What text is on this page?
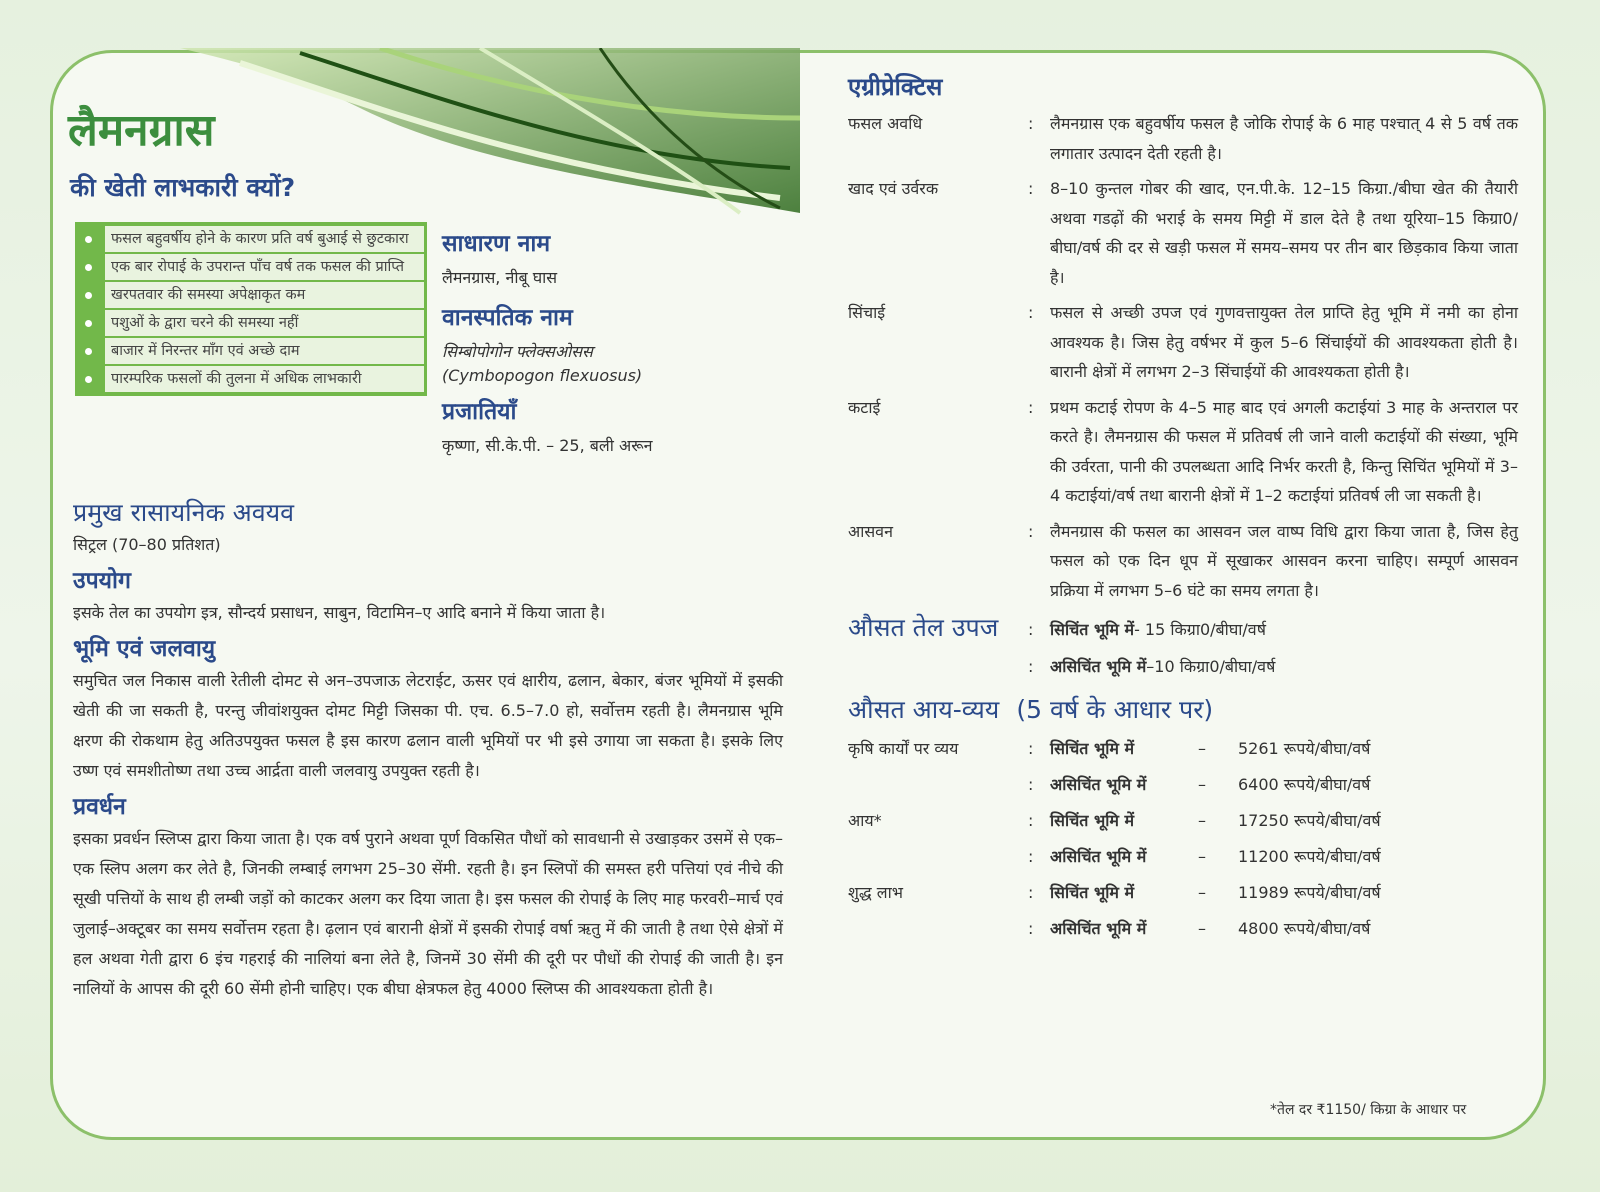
लैमनग्रास
की खेती लाभकारी क्यों?
फसल बहुवर्षीय होने के कारण प्रति वर्ष बुआई से छुटकारा
एक बार रोपाई के उपरान्त पाँच वर्ष तक फसल की प्राप्ति
खरपतवार की समस्या अपेक्षाकृत कम
पशुओं के द्वारा चरने की समस्या नहीं
बाजार में निरन्तर माँग एवं अच्छे दाम
पारम्परिक फसलों की तुलना में अधिक लाभकारी
साधारण नाम
लैमनग्रास, नीबू घास
वानस्पतिक नाम
सिम्बोपोगोन फ्लेक्सओसस
(Cymbopogon flexuosus)
प्रजातियाँ
कृष्णा, सी.के.पी. – 25, बली अरून
प्रमुख रासायनिक अवयव

सिट्रल (70–80 प्रतिशत)

उपयोग

इसके तेल का उपयोग इत्र, सौन्दर्य प्रसाधन, साबुन, विटामिन–ए आदि बनाने में किया जाता है।

भूमि एवं जलवायु

समुचित जल निकास वाली रेतीली दोमट से अन–उपजाऊ लेटराईट, ऊसर एवं क्षारीय, ढलान, बेकार, बंजर भूमियों में इसकी खेती की जा सकती है, परन्तु जीवांशयुक्त दोमट मिट्टी जिसका पी. एच. 6.5–7.0 हो, सर्वोत्तम रहती है। लैमनग्रास भूमि क्षरण की रोकथाम हेतु अतिउपयुक्त फसल है इस कारण ढलान वाली भूमियों पर भी इसे उगाया जा सकता है। इसके लिए उष्ण एवं समशीतोष्ण तथा उच्च आर्द्रता वाली जलवायु उपयुक्त रहती है।

प्रवर्धन

इसका प्रवर्धन स्लिप्स द्वारा किया जाता है। एक वर्ष पुराने अथवा पूर्ण विकसित पौधों को सावधानी से उखाड़कर उसमें से एक–एक स्लिप अलग कर लेते है, जिनकी लम्बाई लगभग 25–30 सेंमी. रहती है। इन स्लिपों की समस्त हरी पत्तियां एवं नीचे की सूखी पत्तियों के साथ ही लम्बी जड़ों को काटकर अलग कर दिया जाता है। इस फसल की रोपाई के लिए माह फरवरी–मार्च एवं जुलाई–अक्टूबर का समय सर्वोत्तम रहता है। ढ़लान एवं बारानी क्षेत्रों में इसकी रोपाई वर्षा ऋतु में की जाती है तथा ऐसे क्षेत्रों में हल अथवा गेती द्वारा 6 इंच गहराई की नालियां बना लेते है, जिनमें 30 सेंमी की दूरी पर पौधों की रोपाई की जाती है। इन नालियों के आपस की दूरी 60 सेंमी होनी चाहिए। एक बीघा क्षेत्रफल हेतु 4000 स्लिप्स की आवश्यकता होती है।

एग्रीप्रेक्टिस
फसल अवधि	:	लैमनग्रास एक बहुवर्षीय फसल है जोकि रोपाई के 6 माह पश्चात् 4 से 5 वर्ष तक लगातार उत्पादन देती रहती है।
खाद एवं उर्वरक	:	8–10 कुन्तल गोबर की खाद, एन.पी.के. 12–15 किग्रा./बीघा खेत की तैयारी अथवा गडढ़ों की भराई के समय मिट्टी में डाल देते है तथा यूरिया–15 किग्रा0/बीघा/वर्ष की दर से खड़ी फसल में समय–समय पर तीन बार छिड़काव किया जाता है।
सिंचाई	:	फसल से अच्छी उपज एवं गुणवत्तायुक्त तेल प्राप्ति हेतु भूमि में नमी का होना आवश्यक है। जिस हेतु वर्षभर में कुल 5–6 सिंचाईयों की आवश्यकता होती है। बारानी क्षेत्रों में लगभग 2–3 सिंचाईयों की आवश्यकता होती है।
कटाई	:	प्रथम कटाई रोपण के 4–5 माह बाद एवं अगली कटाईयां 3 माह के अन्तराल पर करते है। लैमनग्रास की फसल में प्रतिवर्ष ली जाने वाली कटाईयों की संख्या, भूमि की उर्वरता, पानी की उपलब्धता आदि निर्भर करती है, किन्तु सिचिंत भूमियों में 3–4 कटाईयां/वर्ष तथा बारानी क्षेत्रों में 1–2 कटाईयां प्रतिवर्ष ली जा सकती है।
आसवन	:	लैमनग्रास की फसल का आसवन जल वाष्प विधि द्वारा किया जाता है, जिस हेतु फसल को एक दिन धूप में सूखाकर आसवन करना चाहिए। सम्पूर्ण आसवन प्रक्रिया में लगभग 5–6 घंटे का समय लगता है।
औसत तेल उपज	:	सिचिंत भूमि में- 15 किग्रा0/बीघा/वर्ष
:	असिचिंत भूमि में–10 किग्रा0/बीघा/वर्ष
औसत आय-व्यय (5 वर्ष के आधार पर)
कृषि कार्यों पर व्यय	:	सिचिंत भूमि में	–	5261 रूपये/बीघा/वर्ष
:	असिचिंत भूमि में	–	6400 रूपये/बीघा/वर्ष
आय*	:	सिचिंत भूमि में	–	17250 रूपये/बीघा/वर्ष
:	असिचिंत भूमि में	–	11200 रूपये/बीघा/वर्ष
शुद्ध लाभ	:	सिचिंत भूमि में	–	11989 रूपये/बीघा/वर्ष
:	असिचिंत भूमि में	–	4800 रूपये/बीघा/वर्ष
*तेल दर ₹1150/ किग्रा के आधार पर
